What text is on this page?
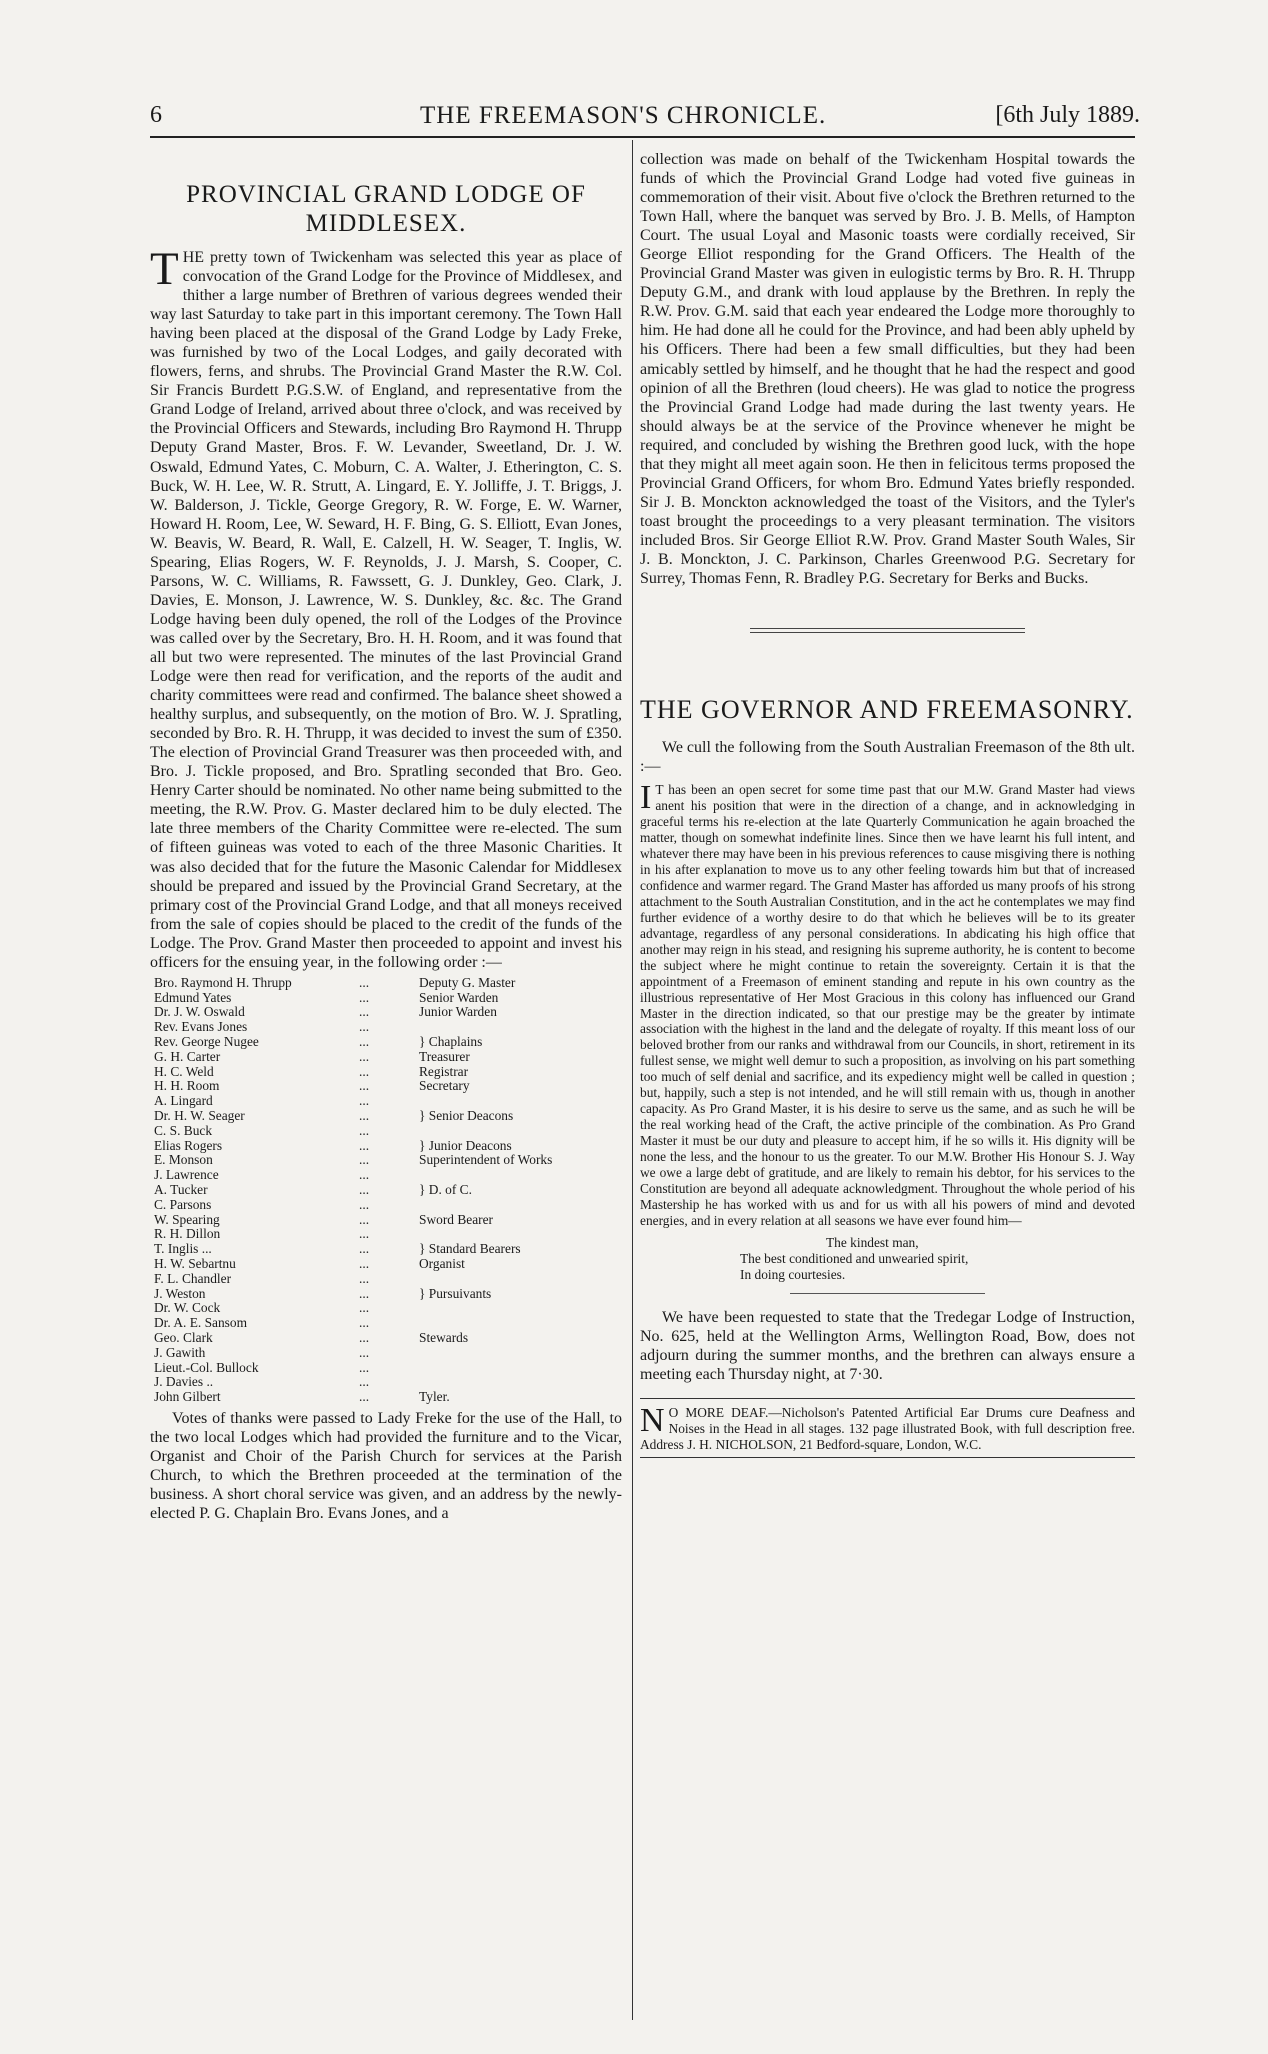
6	THE FREEMASON'S CHRONICLE.	[6th July 1889.
PROVINCIAL GRAND LODGE OF MIDDLESEX.

THE pretty town of Twickenham was selected this year as place of convocation of the Grand Lodge for the Province of Middlesex, and thither a large number of Brethren of various degrees wended their way last Saturday to take part in this important ceremony. The Town Hall having been placed at the disposal of the Grand Lodge by Lady Freke, was furnished by two of the Local Lodges, and gaily decorated with flowers, ferns, and shrubs. The Provincial Grand Master the R.W. Col. Sir Francis Burdett P.G.S.W. of England, and representative from the Grand Lodge of Ireland, arrived about three o'clock, and was received by the Provincial Officers and Stewards, including Bro Raymond H. Thrupp Deputy Grand Master, Bros. F. W. Levander, Sweetland, Dr. J. W. Oswald, Edmund Yates, C. Moburn, C. A. Walter, J. Etherington, C. S. Buck, W. H. Lee, W. R. Strutt, A. Lingard, E. Y. Jolliffe, J. T. Briggs, J. W. Balderson, J. Tickle, George Gregory, R. W. Forge, E. W. Warner, Howard H. Room, Lee, W. Seward, H. F. Bing, G. S. Elliott, Evan Jones, W. Beavis, W. Beard, R. Wall, E. Calzell, H. W. Seager, T. Inglis, W. Spearing, Elias Rogers, W. F. Reynolds, J. J. Marsh, S. Cooper, C. Parsons, W. C. Williams, R. Fawssett, G. J. Dunkley, Geo. Clark, J. Davies, E. Monson, J. Lawrence, W. S. Dunkley, &c. &c. The Grand Lodge having been duly opened, the roll of the Lodges of the Province was called over by the Secretary, Bro. H. H. Room, and it was found that all but two were represented. The minutes of the last Provincial Grand Lodge were then read for verification, and the reports of the audit and charity committees were read and confirmed. The balance sheet showed a healthy surplus, and subsequently, on the motion of Bro. W. J. Spratling, seconded by Bro. R. H. Thrupp, it was decided to invest the sum of £350. The election of Provincial Grand Treasurer was then proceeded with, and Bro. J. Tickle proposed, and Bro. Spratling seconded that Bro. Geo. Henry Carter should be nominated. No other name being submitted to the meeting, the R.W. Prov. G. Master declared him to be duly elected. The late three members of the Charity Committee were re-elected. The sum of fifteen guineas was voted to each of the three Masonic Charities. It was also decided that for the future the Masonic Calendar for Middlesex should be prepared and issued by the Provincial Grand Secretary, at the primary cost of the Provincial Grand Lodge, and that all moneys received from the sale of copies should be placed to the credit of the funds of the Lodge. The Prov. Grand Master then proceeded to appoint and invest his officers for the ensuing year, in the following order :—

Bro. Raymond H. Thrupp	...	Deputy G. Master
Edmund Yates	...	Senior Warden
Dr. J. W. Oswald	...	Junior Warden
Rev. Evans Jones	...	
Rev. George Nugee	...	} Chaplains
G. H. Carter	...	Treasurer
H. C. Weld	...	Registrar
H. H. Room	...	Secretary
A. Lingard	...	
Dr. H. W. Seager	...	} Senior Deacons
C. S. Buck	...	
Elias Rogers	...	} Junior Deacons
E. Monson	...	Superintendent of Works
J. Lawrence	...	
A. Tucker	...	} D. of C.
C. Parsons	...	
W. Spearing	...	Sword Bearer
R. H. Dillon	...	
T. Inglis ...	...	} Standard Bearers
H. W. Sebartnu	...	Organist
F. L. Chandler	...	
J. Weston	...	} Pursuivants
Dr. W. Cock	...	
Dr. A. E. Sansom	...	
Geo. Clark	...	Stewards
J. Gawith	...	
Lieut.-Col. Bullock	...	
J. Davies ..	...	
John Gilbert	...	Tyler.

Votes of thanks were passed to Lady Freke for the use of the Hall, to the two local Lodges which had provided the furniture and to the Vicar, Organist and Choir of the Parish Church for services at the Parish Church, to which the Brethren proceeded at the termination of the business. A short choral service was given, and an address by the newly-elected P. G. Chaplain Bro. Evans Jones, and a

collection was made on behalf of the Twickenham Hospital towards the funds of which the Provincial Grand Lodge had voted five guineas in commemoration of their visit. About five o'clock the Brethren returned to the Town Hall, where the banquet was served by Bro. J. B. Mells, of Hampton Court. The usual Loyal and Masonic toasts were cordially received, Sir George Elliot responding for the Grand Officers. The Health of the Provincial Grand Master was given in eulogistic terms by Bro. R. H. Thrupp Deputy G.M., and drank with loud applause by the Brethren. In reply the R.W. Prov. G.M. said that each year endeared the Lodge more thoroughly to him. He had done all he could for the Province, and had been ably upheld by his Officers. There had been a few small difficulties, but they had been amicably settled by himself, and he thought that he had the respect and good opinion of all the Brethren (loud cheers). He was glad to notice the progress the Provincial Grand Lodge had made during the last twenty years. He should always be at the service of the Province whenever he might be required, and concluded by wishing the Brethren good luck, with the hope that they might all meet again soon. He then in felicitous terms proposed the Provincial Grand Officers, for whom Bro. Edmund Yates briefly responded. Sir J. B. Monckton acknowledged the toast of the Visitors, and the Tyler's toast brought the proceedings to a very pleasant termination. The visitors included Bros. Sir George Elliot R.W. Prov. Grand Master South Wales, Sir J. B. Monckton, J. C. Parkinson, Charles Greenwood P.G. Secretary for Surrey, Thomas Fenn, R. Bradley P.G. Secretary for Berks and Bucks.

THE GOVERNOR AND FREEMASONRY.

We cull the following from the South Australian Freemason of the 8th ult. :—

I T has been an open secret for some time past that our M.W. Grand Master had views anent his position that were in the direction of a change, and in acknowledging in graceful terms his re-election at the late Quarterly Communication he again broached the matter, though on somewhat indefinite lines. Since then we have learnt his full intent, and whatever there may have been in his previous references to cause misgiving there is nothing in his after explanation to move us to any other feeling towards him but that of increased confidence and warmer regard. The Grand Master has afforded us many proofs of his strong attachment to the South Australian Constitution, and in the act he contemplates we may find further evidence of a worthy desire to do that which he believes will be to its greater advantage, regardless of any personal considerations. In abdicating his high office that another may reign in his stead, and resigning his supreme authority, he is content to become the subject where he might continue to retain the sovereignty. Certain it is that the appointment of a Freemason of eminent standing and repute in his own country as the illustrious representative of Her Most Gracious in this colony has influenced our Grand Master in the direction indicated, so that our prestige may be the greater by intimate association with the highest in the land and the delegate of royalty. If this meant loss of our beloved brother from our ranks and withdrawal from our Councils, in short, retirement in its fullest sense, we might well demur to such a proposition, as involving on his part something too much of self denial and sacrifice, and its expediency might well be called in question ; but, happily, such a step is not intended, and he will still remain with us, though in another capacity. As Pro Grand Master, it is his desire to serve us the same, and as such he will be the real working head of the Craft, the active principle of the combination. As Pro Grand Master it must be our duty and pleasure to accept him, if he so wills it. His dignity will be none the less, and the honour to us the greater. To our M.W. Brother His Honour S. J. Way we owe a large debt of gratitude, and are likely to remain his debtor, for his services to the Constitution are beyond all adequate acknowledgment. Throughout the whole period of his Mastership he has worked with us and for us with all his powers of mind and devoted energies, and in every relation at all seasons we have ever found him—

The kindest man,
The best conditioned and unwearied spirit,
In doing courtesies.

We have been requested to state that the Tredegar Lodge of Instruction, No. 625, held at the Wellington Arms, Wellington Road, Bow, does not adjourn during the summer months, and the brethren can always ensure a meeting each Thursday night, at 7·30.

N O MORE DEAF.—Nicholson's Patented Artificial Ear Drums cure Deafness and Noises in the Head in all stages. 132 page illustrated Book, with full description free. Address J. H. NICHOLSON, 21 Bedford-square, London, W.C.
